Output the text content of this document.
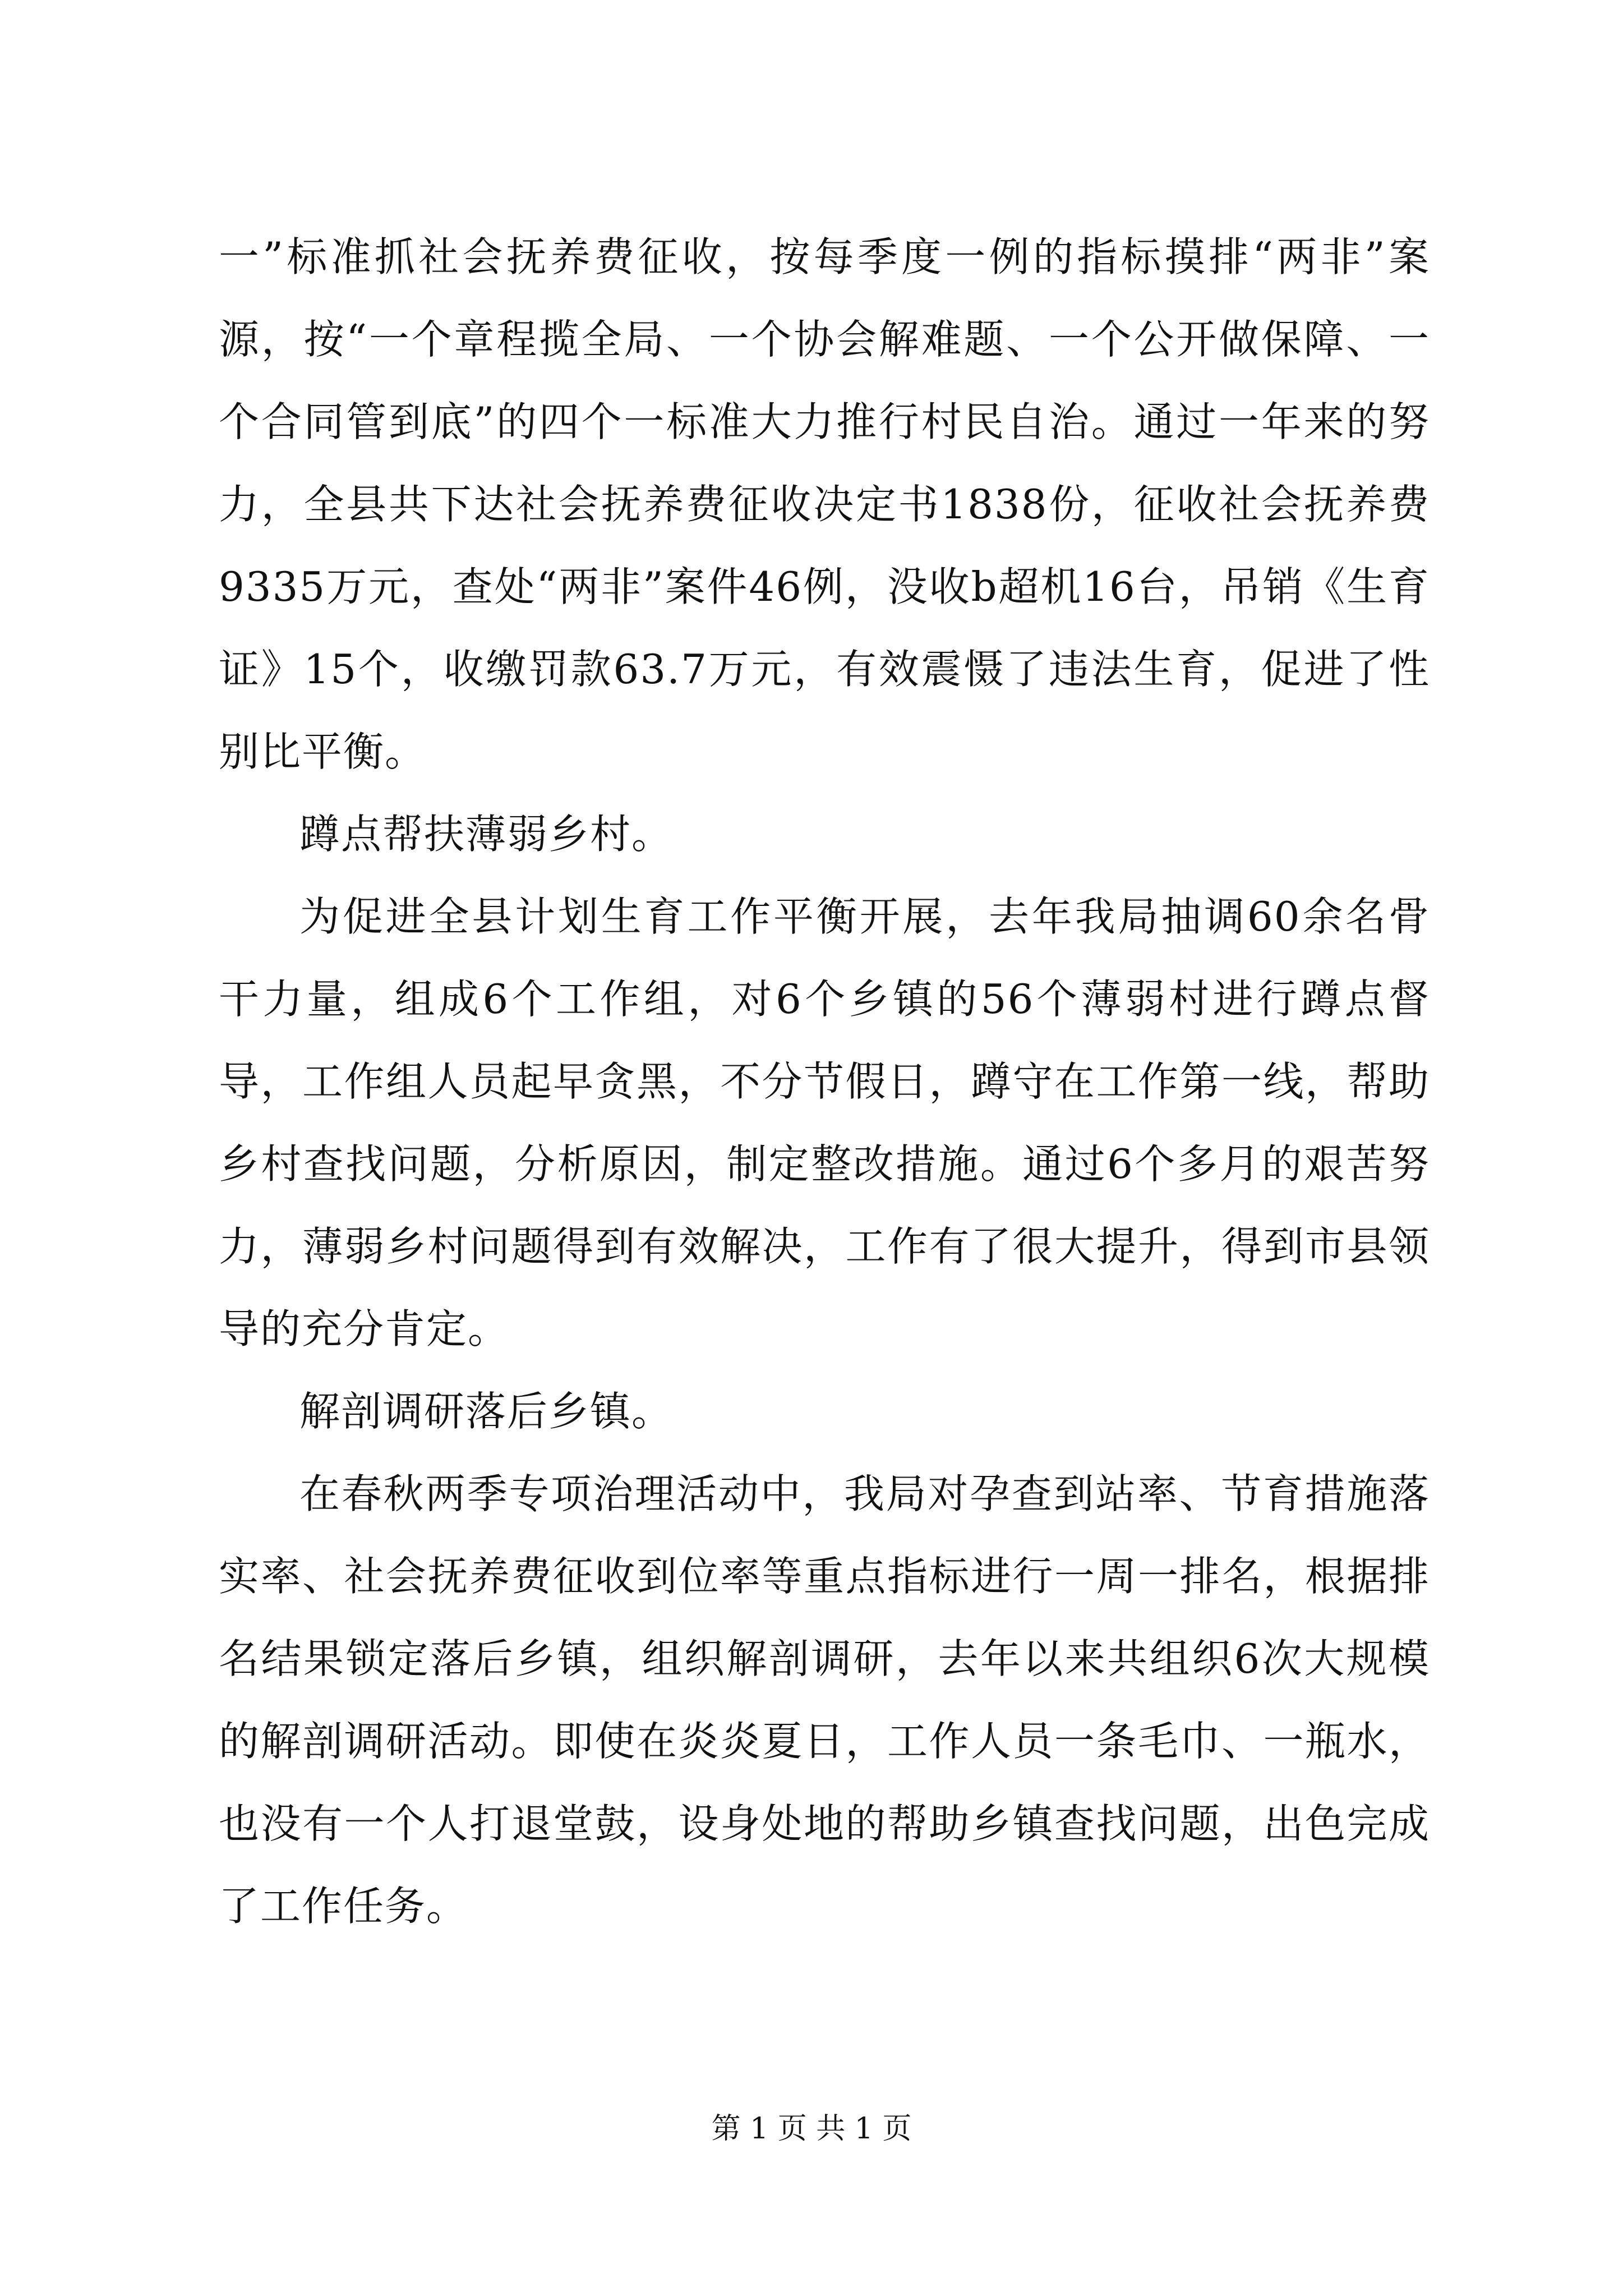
一”标准抓社会抚养费征收，按每季度一例的指标摸排“两非”案源，按“一个章程揽全局、一个协会解难题、一个公开做保障、一个合同管到底”的四个一标准大力推行村民自治。通过一年来的努力，全县共下达社会抚养费征收决定书1838份，征收社会抚养费9335万元，查处“两非”案件46例，没收b超机16台，吊销《生育证》15个，收缴罚款63.7万元，有效震慑了违法生育，促进了性别比平衡。

蹲点帮扶薄弱乡村。

为促进全县计划生育工作平衡开展，去年我局抽调60余名骨干力量，组成6个工作组，对6个乡镇的56个薄弱村进行蹲点督导，工作组人员起早贪黑，不分节假日，蹲守在工作第一线，帮助乡村查找问题，分析原因，制定整改措施。通过6个多月的艰苦努力，薄弱乡村问题得到有效解决，工作有了很大提升，得到市县领导的充分肯定。

解剖调研落后乡镇。

在春秋两季专项治理活动中，我局对孕查到站率、节育措施落实率、社会抚养费征收到位率等重点指标进行一周一排名，根据排名结果锁定落后乡镇，组织解剖调研，去年以来共组织6次大规模的解剖调研活动。即使在炎炎夏日，工作人员一条毛巾、一瓶水，也没有一个人打退堂鼓，设身处地的帮助乡镇查找问题，出色完成了工作任务。

第 1 页 共 1 页
